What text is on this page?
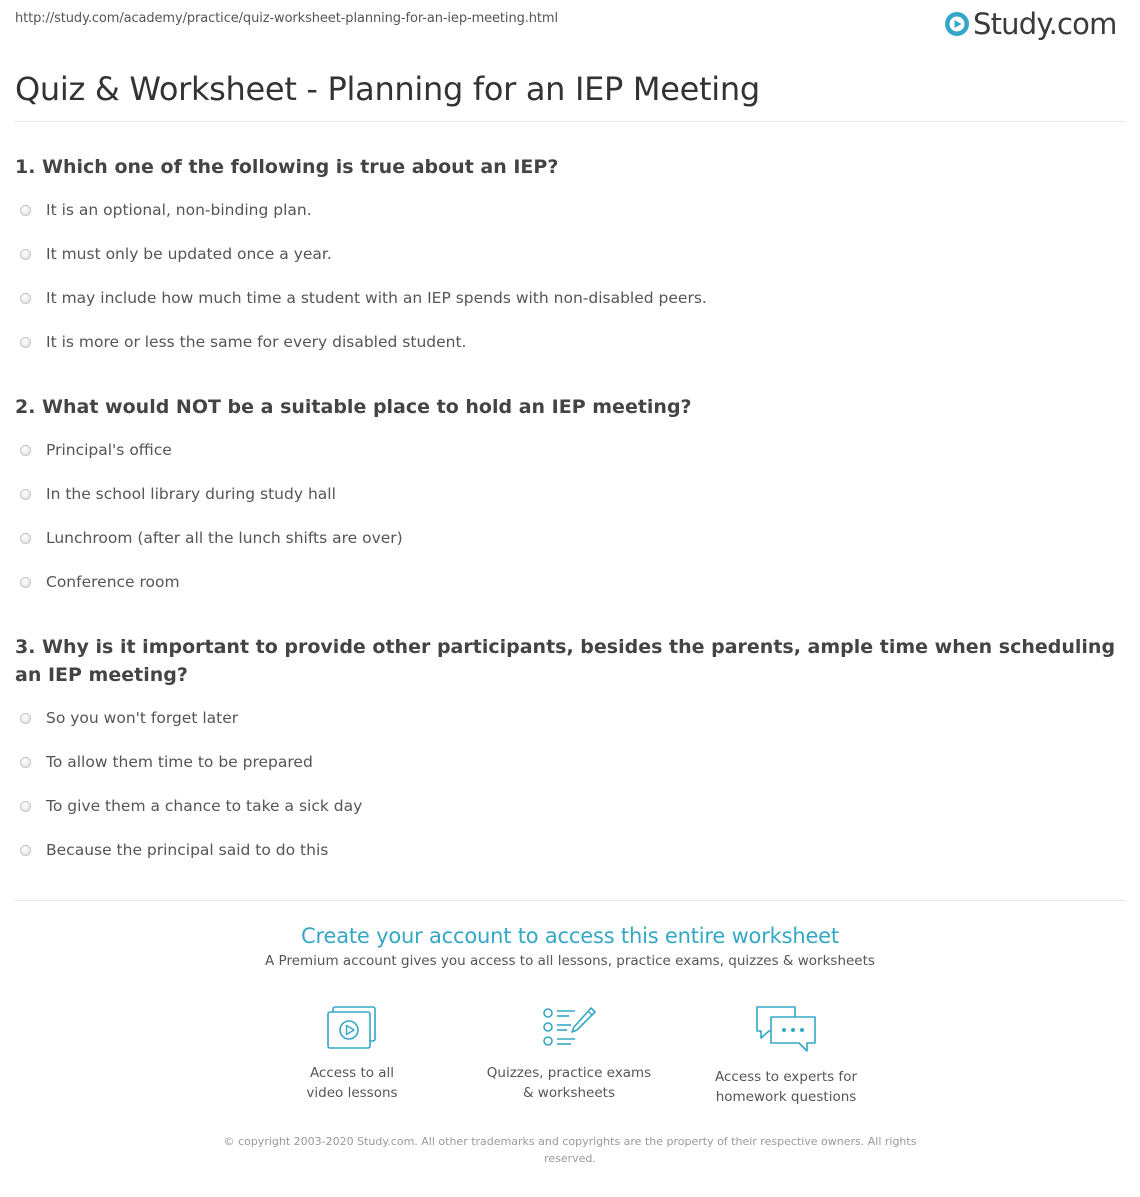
http://study.com/academy/practice/quiz-worksheet-planning-for-an-iep-meeting.html	Study.com
Quiz & Worksheet - Planning for an IEP Meeting
1. Which one of the following is true about an IEP?
It is an optional, non-binding plan.
It must only be updated once a year.
It may include how much time a student with an IEP spends with non-disabled peers.
It is more or less the same for every disabled student.
2. What would NOT be a suitable place to hold an IEP meeting?
Principal's office
In the school library during study hall
Lunchroom (after all the lunch shifts are over)
Conference room
3. Why is it important to provide other participants, besides the parents, ample time when scheduling an IEP meeting?
So you won't forget later
To allow them time to be prepared
To give them a chance to take a sick day
Because the principal said to do this
Create your account to access this entire worksheet
A Premium account gives you access to all lessons, practice exams, quizzes & worksheets
Access to all
video lessons
Quizzes, practice exams
& worksheets
Access to experts for
homework questions
© copyright 2003-2020 Study.com. All other trademarks and copyrights are the property of their respective owners. All rights reserved.
